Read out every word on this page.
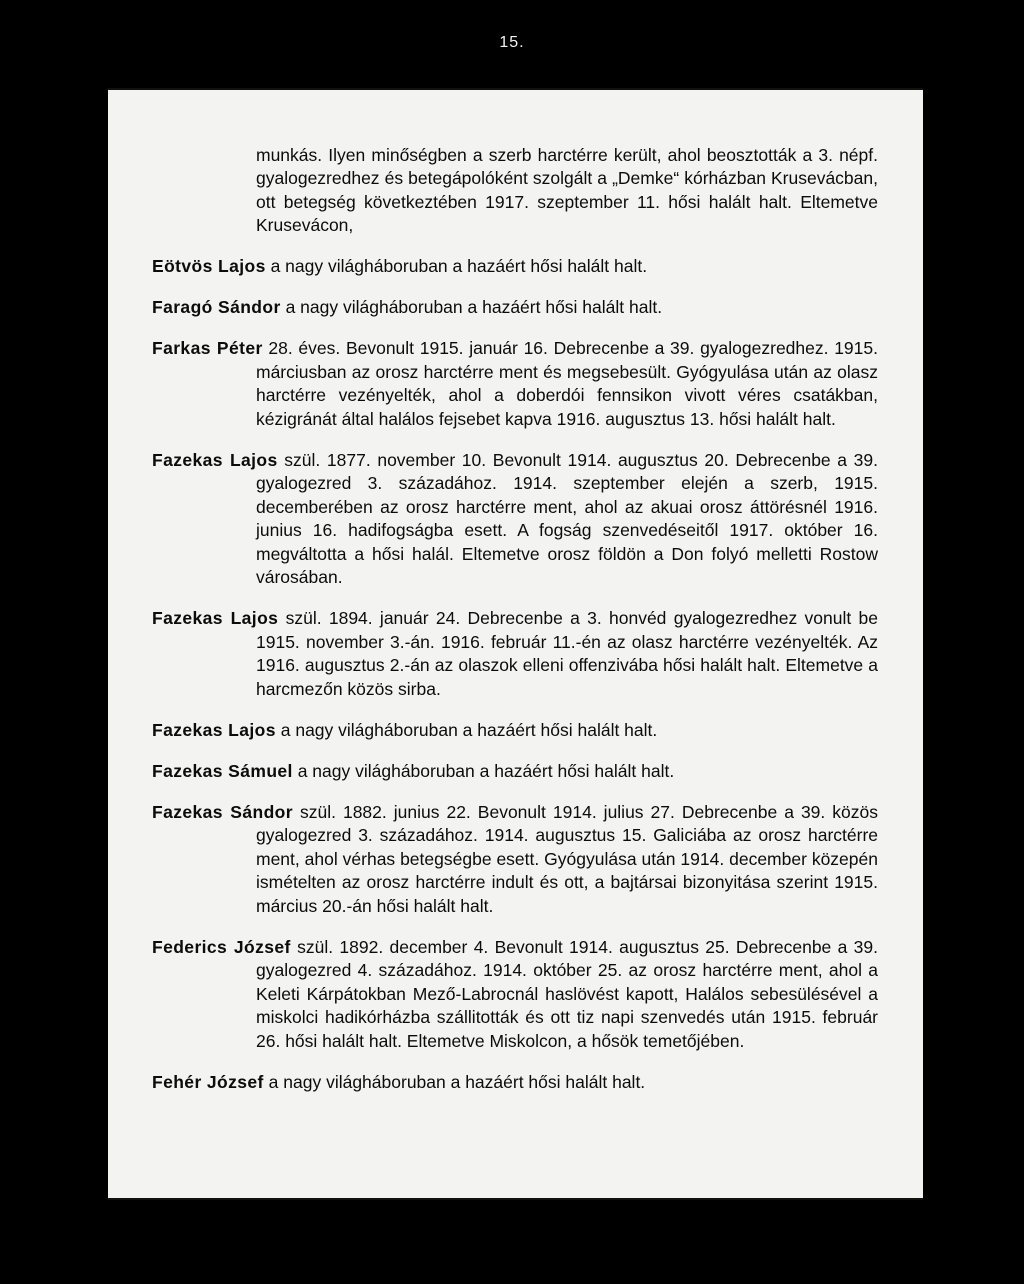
15.

munkás. Ilyen minőségben a szerb harctérre került, ahol beosztották a 3. népf. gyalogezredhez és betegápolóként szolgált a „Demke“ kórházban Krusevácban, ott betegség következtében 1917. szeptember 11. hősi halált halt. Eltemetve Krusevácon,

Eötvös Lajos a nagy világháboruban a hazáért hősi halált halt.

Faragó Sándor a nagy világháboruban a hazáért hősi halált halt.

Farkas Péter 28. éves. Bevonult 1915. január 16. Debrecenbe a 39. gyalogezredhez. 1915. márciusban az orosz harctérre ment és megsebesült. Gyógyulása után az olasz harctérre vezényelték, ahol a doberdói fennsikon vivott véres csatákban, kézigránát által halálos fejsebet kapva 1916. augusztus 13. hősi halált halt.

Fazekas Lajos szül. 1877. november 10. Bevonult 1914. augusztus 20. Debrecenbe a 39. gyalogezred 3. századához. 1914. szeptember elején a szerb, 1915. decemberében az orosz harctérre ment, ahol az akuai orosz áttörésnél 1916. junius 16. hadifogságba esett. A fogság szenvedéseitől 1917. október 16. megváltotta a hősi halál. Eltemetve orosz földön a Don folyó melletti Rostow városában.

Fazekas Lajos szül. 1894. január 24. Debrecenbe a 3. honvéd gyalogezredhez vonult be 1915. november 3.-án. 1916. február 11.-én az olasz harctérre vezényelték. Az 1916. augusztus 2.-án az olaszok elleni offenzivába hősi halált halt. Eltemetve a harcmezőn közös sirba.

Fazekas Lajos a nagy világháboruban a hazáért hősi halált halt.

Fazekas Sámuel a nagy világháboruban a hazáért hősi halált halt.

Fazekas Sándor szül. 1882. junius 22. Bevonult 1914. julius 27. Debrecenbe a 39. közös gyalogezred 3. századához. 1914. augusztus 15. Galiciába az orosz harctérre ment, ahol vérhas betegségbe esett. Gyógyulása után 1914. december közepén ismételten az orosz harctérre indult és ott, a bajtársai bizonyitása szerint 1915. március 20.-án hősi halált halt.

Federics József szül. 1892. december 4. Bevonult 1914. augusztus 25. Debrecenbe a 39. gyalogezred 4. századához. 1914. október 25. az orosz harctérre ment, ahol a Keleti Kárpátokban Mező-Labrocnál haslövést kapott, Halálos sebesülésével a miskolci hadikórházba szállitották és ott tiz napi szenvedés után 1915. február 26. hősi halált halt. Eltemetve Miskolcon, a hősök temetőjében.

Fehér József a nagy világháboruban a hazáért hősi halált halt.
